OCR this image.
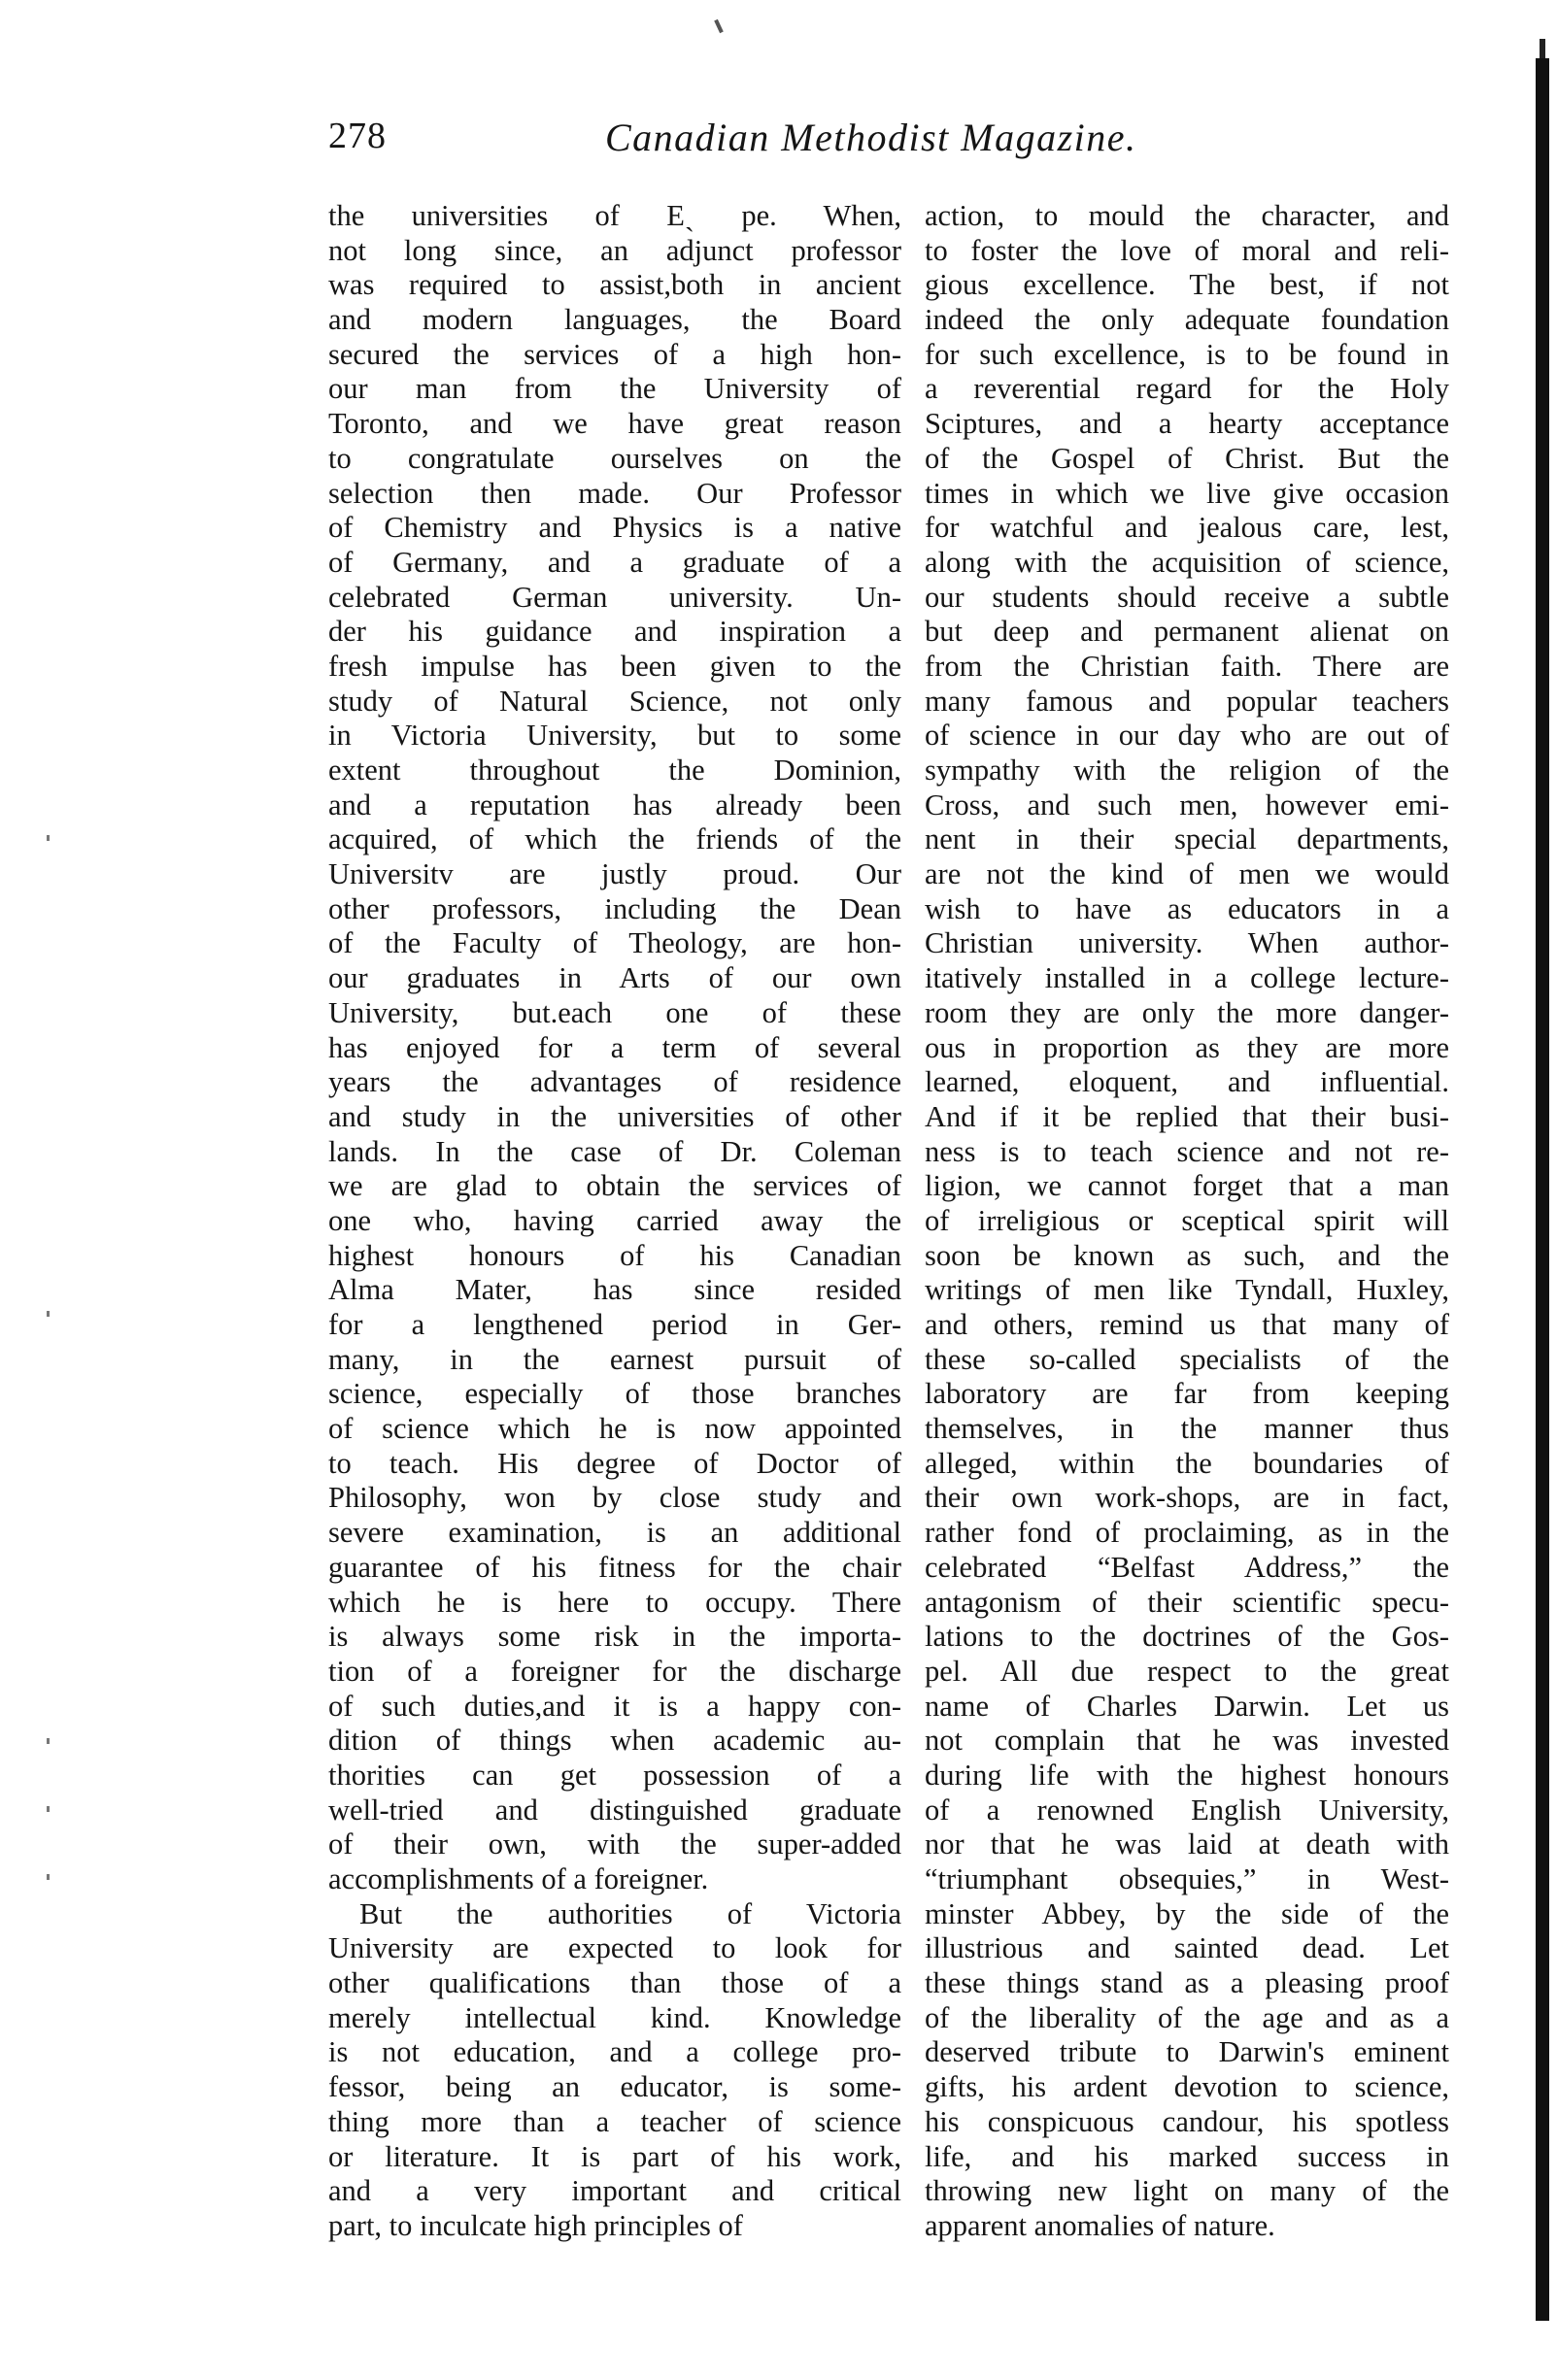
278	Canadian Methodist Magazine.
the universities of Eˎ pe. When,
not long since, an adjunct professor
was required to assist,both in ancient
and modern languages, the Board
secured the services of a high hon-
our man from the University of
Toronto, and we have great reason
to congratulate ourselves on the
selection then made. Our Professor
of Chemistry and Physics is a native
of Germany, and a graduate of a
celebrated German university. Un-
der his guidance and inspiration a
fresh impulse has been given to the
study of Natural Science, not only
in Victoria University, but to some
extent throughout the Dominion,
and a reputation has already been
acquired, of which the friends of the
Universitv are justly proud. Our
other professors, including the Dean
of the Faculty of Theology, are hon-
our graduates in Arts of our own
University, but.each one of these
has enjoyed for a term of several
years the advantages of residence
and study in the universities of other
lands. In the case of Dr. Coleman
we are glad to obtain the services of
one who, having carried away the
highest honours of his Canadian
Alma Mater, has since resided
for a lengthened period in Ger-
many, in the earnest pursuit of
science, especially of those branches
of science which he is now appointed
to teach. His degree of Doctor of
Philosophy, won by close study and
severe examination, is an additional
guarantee of his fitness for the chair
which he is here to occupy. There
is always some risk in the importa-
tion of a foreigner for the discharge
of such duties,and it is a happy con-
dition of things when academic au-
thorities can get possession of a
well-tried and distinguished graduate
of their own, with the super-added
accomplishments of a foreigner.
But the authorities of Victoria
University are expected to look for
other qualifications than those of a
merely intellectual kind. Knowledge
is not education, and a college pro-
fessor, being an educator, is some-
thing more than a teacher of science
or literature. It is part of his work,
and a very important and critical
part, to inculcate high principles of
action, to mould the character, and
to foster the love of moral and reli-
gious excellence. The best, if not
indeed the only adequate foundation
for such excellence, is to be found in
a reverential regard for the Holy
Sciptures, and a hearty acceptance
of the Gospel of Christ. But the
times in which we live give occasion
for watchful and jealous care, lest,
along with the acquisition of science,
our students should receive a subtle
but deep and permanent alienat on
from the Christian faith. There are
many famous and popular teachers
of science in our day who are out of
sympathy with the religion of the
Cross, and such men, however emi-
nent in their special departments,
are not the kind of men we would
wish to have as educators in a
Christian university. When author-
itatively installed in a college lecture-
room they are only the more danger-
ous in proportion as they are more
learned, eloquent, and influential.
And if it be replied that their busi-
ness is to teach science and not re-
ligion, we cannot forget that a man
of irreligious or sceptical spirit will
soon be known as such, and the
writings of men like Tyndall, Huxley,
and others, remind us that many of
these so-called specialists of the
laboratory are far from keeping
themselves, in the manner thus
alleged, within the boundaries of
their own work-shops, are in fact,
rather fond of proclaiming, as in the
celebrated “Belfast Address,” the
antagonism of their scientific specu-
lations to the doctrines of the Gos-
pel. All due respect to the great
name of Charles Darwin. Let us
not complain that he was invested
during life with the highest honours
of a renowned English University,
nor that he was laid at death with
“triumphant obsequies,” in West-
minster Abbey, by the side of the
illustrious and sainted dead. Let
these things stand as a pleasing proof
of the liberality of the age and as a
deserved tribute to Darwin's eminent
gifts, his ardent devotion to science,
his conspicuous candour, his spotless
life, and his marked success in
throwing new light on many of the
apparent anomalies of nature.
